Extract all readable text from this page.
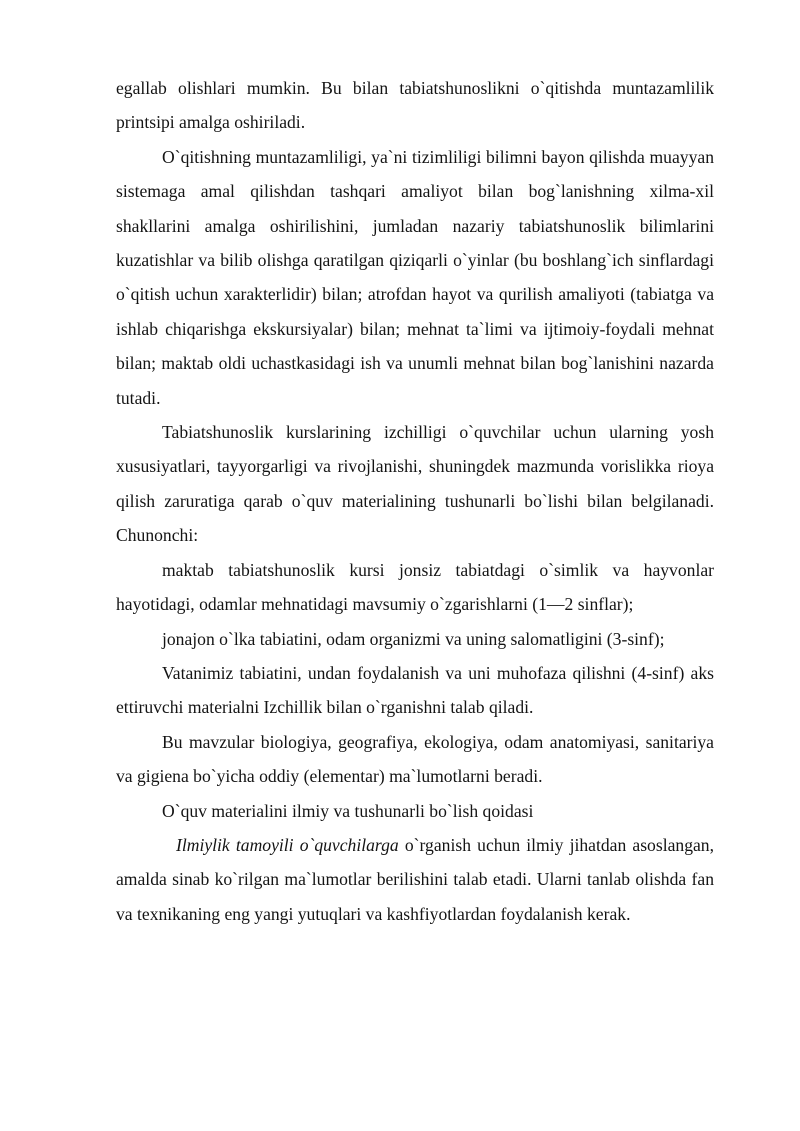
egallab olishlari mumkin. Bu bilan tabiatshunoslikni o`qitishda muntazamlilik printsipi amalga oshiriladi.

O`qitishning muntazamliligi, ya`ni tizimliligi bilimni bayon qilishda muayyan sistemaga amal qilishdan tashqari amaliyot bilan bog`lanishning xilma-xil shakllarini amalga oshirilishini, jumladan nazariy tabiatshunoslik bilimlarini kuzatishlar va bilib olishga qaratilgan qiziqarli o`yinlar (bu boshlang`ich sinflardagi o`qitish uchun xarakterlidir) bilan; atrofdan hayot va qurilish amaliyoti (tabiatga va ishlab chiqarishga ekskursiyalar) bilan; mehnat ta`limi va ijtimoiy-foydali mehnat bilan; maktab oldi uchastkasidagi ish va unumli mehnat bilan bog`lanishini nazarda tutadi.

Tabiatshunoslik kurslarining izchilligi o`quvchilar uchun ularning yosh xususiyatlari, tayyorgarligi va rivojlanishi, shuningdek mazmunda vorislikka rioya qilish zaruratiga qarab o`quv materialining tushunarli bo`lishi bilan belgilanadi. Chunonchi:

maktab tabiatshunoslik kursi jonsiz tabiatdagi o`simlik va hayvonlar hayotidagi, odamlar mehnatidagi mavsumiy o`zgarishlarni (1—2 sinflar);

jonajon o`lka tabiatini, odam organizmi va uning salomatligini (3-sinf);

Vatanimiz tabiatini, undan foydalanish va uni muhofaza qilishni (4-sinf) aks ettiruvchi materialni Izchillik bilan o`rganishni talab qiladi.

Bu mavzular biologiya, geografiya, ekologiya, odam anatomiyasi, sanitariya va gigiena bo`yicha oddiy (elementar) ma`lumotlarni beradi.

O`quv materialini ilmiy va tushunarli bo`lish qoidasi

Ilmiylik tamoyili o`quvchilarga o`rganish uchun ilmiy jihatdan asoslangan, amalda sinab ko`rilgan ma`lumotlar berilishini talab etadi. Ularni tanlab olishda fan va texnikaning eng yangi yutuqlari va kashfiyotlardan foydalanish kerak.
